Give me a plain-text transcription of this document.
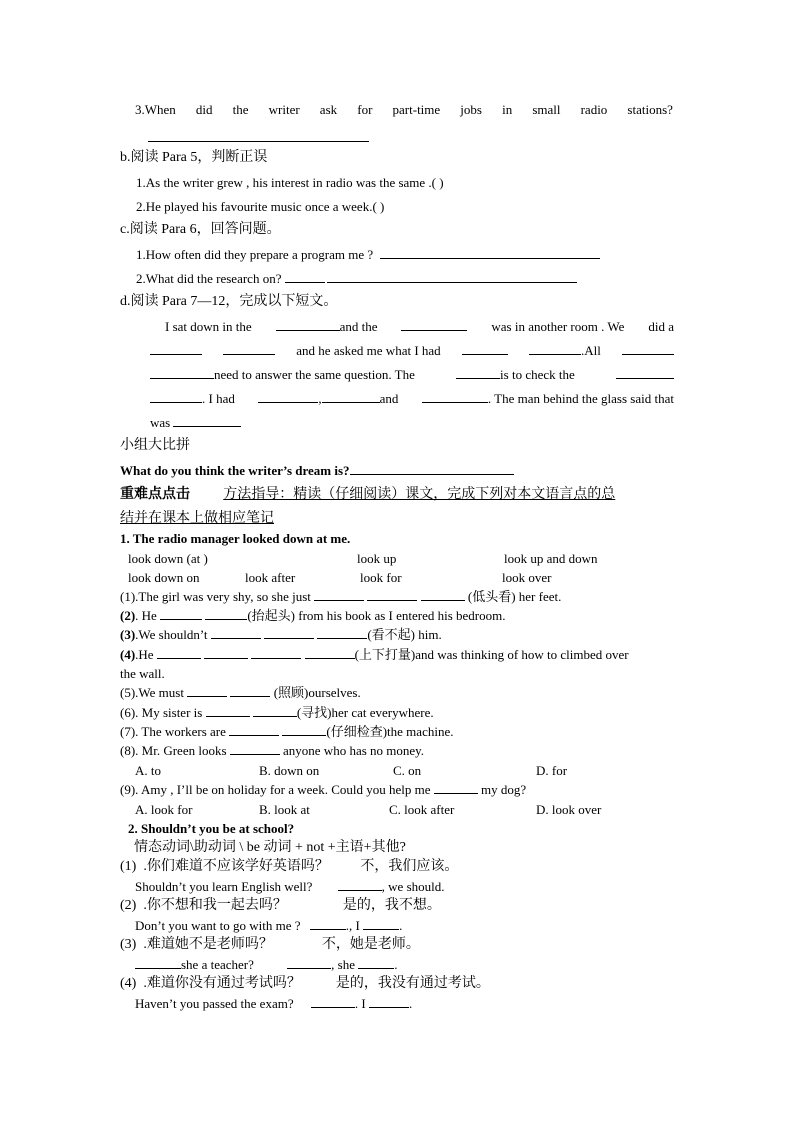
3.When did the writer ask for part-time jobs in small radio stations?
b.阅读 Para 5，判断正误
1.As the writer grew , his interest in radio was the same .( )
2.He played his favourite music once a week.( )
c.阅读 Para 6，回答问题。
1.How often did they prepare a program me ?
2.What did the research on?
d.阅读 Para 7—12，完成以下短文。
I sat down in the	and the	was in another room . We did a
and he asked me what I had	.All
need to answer the same question. The	is to check the
. I had	,	and	. The man behind the glass said that
was
小组大比拼
What do you think the writer’s dream is?
重难点点击 方法指导：精读（仔细阅读）课文，完成下列对本文语言点的总
结并在课本上做相应笔记
1. The radio manager looked down at me.
look down (at )	look up	look up and down
look down on	look after	look for	look over
(1).The girl was very shy, so she just	(低头看) her feet.
(2). He	(抬起头) from his book as I entered his bedroom.
(3).We shouldn’t	(看不起) him.
(4).He	(上下打量)and was thinking of how to climbed over
the wall.
(5).We must	(照顾)ourselves.
(6). My sister is	(寻找)her cat everywhere.
(7). The workers are	(仔细检查)the machine.
(8). Mr. Green looks	anyone who has no money.
A. to	B. down on	C. on	D. for
(9). Amy , I’ll be on holiday for a week. Could you help me	my dog?
A. look for	B. look at	C. look after	D. look over
2. Shouldn’t you be at school?
情态动词\助动词 \ be 动词 + not +主语+其他?
(1)  .你们难道不应该学好英语吗？         不，我们应该。
Shouldn’t you learn English well?	, we should.
(2)  .你不想和我一起去吗？                是的，我不想。
Don’t you want to go with me ?	., I	.
(3)  .难道她不是老师吗？              不，她是老师。
she a teacher?	, she	.
(4)  .难道你没有通过考试吗？          是的，我没有通过考试。
Haven’t you passed the exam?	. I	.
